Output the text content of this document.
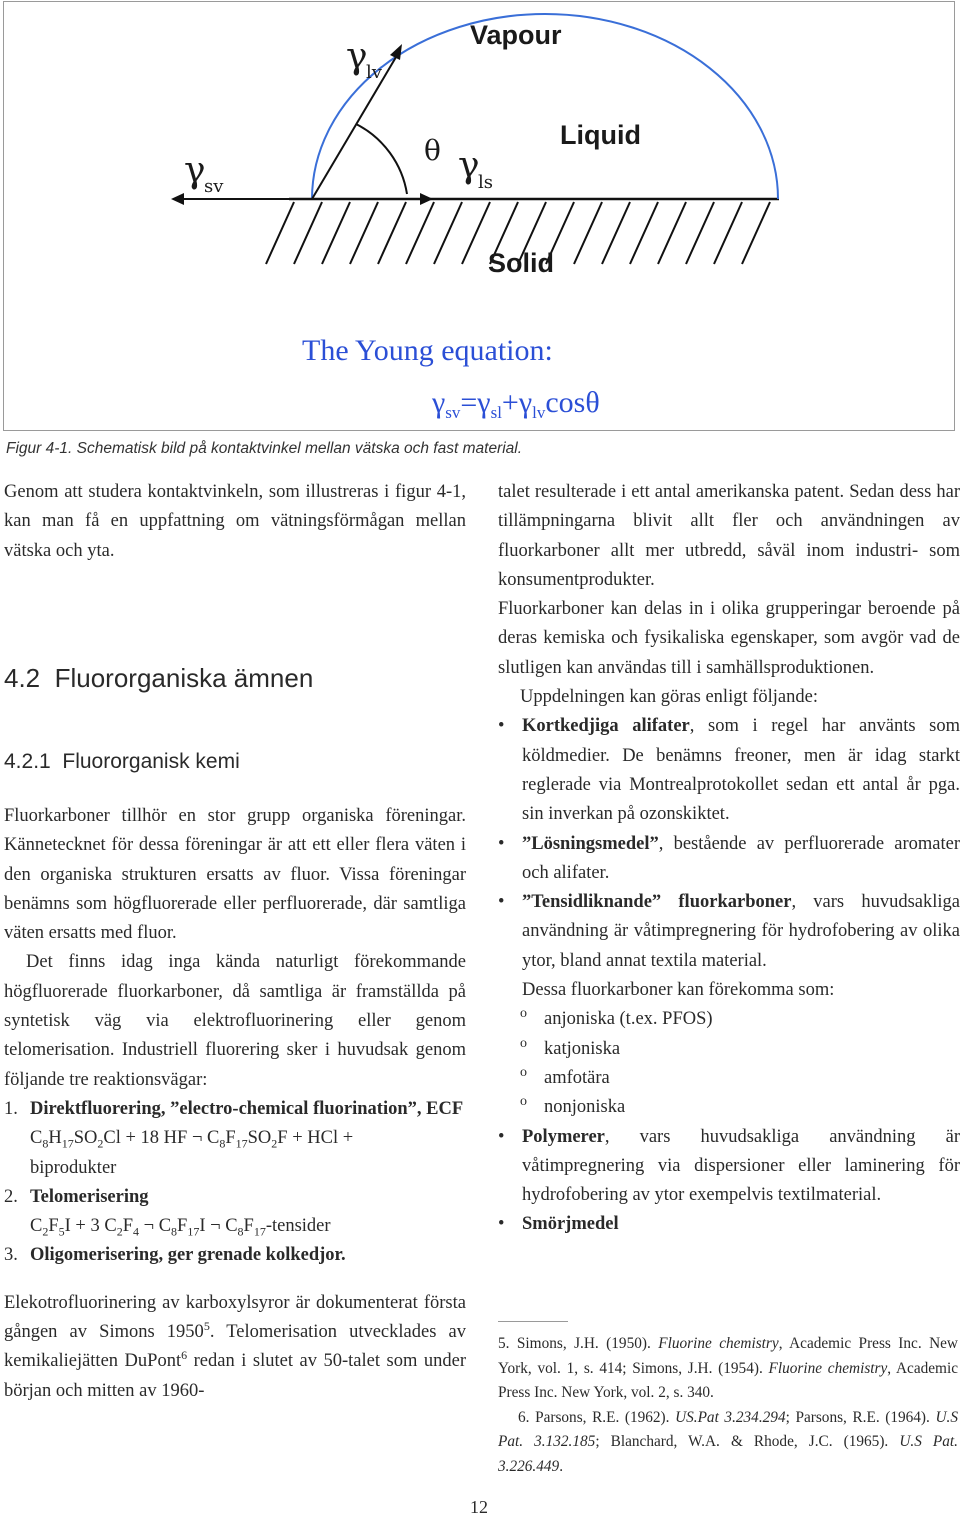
Vapour
Liquid
Solid
γ
lv
γ
sv
γ
ls
θ
The Young equation:
$\gamma_{sv}=\gamma_{sl}+\gamma_{lv}\cos\theta$
Figur 4-1. Schematisk bild på kontaktvinkel mellan vätska och fast material.

Genom att studera kontaktvinkeln, som illustreras i figur 4-1, kan man få en uppfattning om vätningsförmågan mellan vätska och yta.

4.2  Fluororganiska ämnen
4.2.1  Fluororganisk kemi

Fluorkarboner tillhör en stor grupp organiska föreningar. Kännetecknet för dessa föreningar är att ett eller flera väten i den organiska strukturen ersatts av fluor. Vissa föreningar benämns som högfluorerade eller perfluorerade, där samtliga väten ersatts med fluor.

Det finns idag inga kända naturligt förekommande högfluorerade fluorkarboner, då samtliga är framställda på syntetisk väg via elektrofluorinering eller genom telomerisation. Industriell fluorering sker i huvudsak genom följande tre reaktionsvägar:

1. Direktfluorering, ”electro-chemical fluorination”, ECF
$C_8H_{17}SO_2Cl + 18$ HF ¬ $C_8F_{17}SO_2F$ + HCl +
biprodukter
2. Telomerisering
$C_2F_5I + 3$ $C_2F_4$ ¬ $C_8F_{17}I$ ¬ $C_8F_{17}$-tensider
3. Oligomerisering, ger grenade kolkedjor.

Elekotrofluorinering av karboxylsyror är dokumenterat första gången av Simons 1950$^5$. Telomerisation utvecklades av kemikaliejätten DuPont$^6$ redan i slutet av 50-talet som under början och mitten av 1960-

talet resulterade i ett antal amerikanska patent. Sedan dess har tillämpningarna blivit allt fler och användningen av fluorkarboner allt mer utbredd, såväl inom industri- som konsumentprodukter.

Fluorkarboner kan delas in i olika grupperingar beroende på deras kemiska och fysikaliska egenskaper, som avgör vad de slutligen kan användas till i samhällsproduktionen.

Uppdelningen kan göras enligt följande:

• Kortkedjiga alifater, som i regel har använts som köldmedier. De benämns freoner, men är idag starkt reglerade via Montrealprotokollet sedan ett antal år pga. sin inverkan på ozonskiktet.
• ”Lösningsmedel”, bestående av perfluorerade aromater och alifater.
• ”Tensidliknande” fluorkarboner, vars huvudsakliga användning är våtimpregnering för hydrofobering av olika ytor, bland annat textila material.
Dessa fluorkarboner kan förekomma som:
o anjoniska (t.ex. PFOS)
o katjoniska
o amfotära
o nonjoniska
• Polymerer, vars huvudsakliga användning är våtimpregnering via dispersioner eller laminering för hydrofobering av ytor exempelvis textilmaterial.
• Smörjmedel
5. Simons, J.H. (1950). Fluorine chemistry, Academic Press Inc. New York, vol. 1, s. 414; Simons, J.H. (1954). Fluorine chemistry, Academic Press Inc. New York, vol. 2, s. 340.
6. Parsons, R.E. (1962). US.Pat 3.234.294; Parsons, R.E. (1964). U.S Pat. 3.132.185; Blanchard, W.A. & Rhode, J.C. (1965). U.S Pat. 3.226.449.
12
